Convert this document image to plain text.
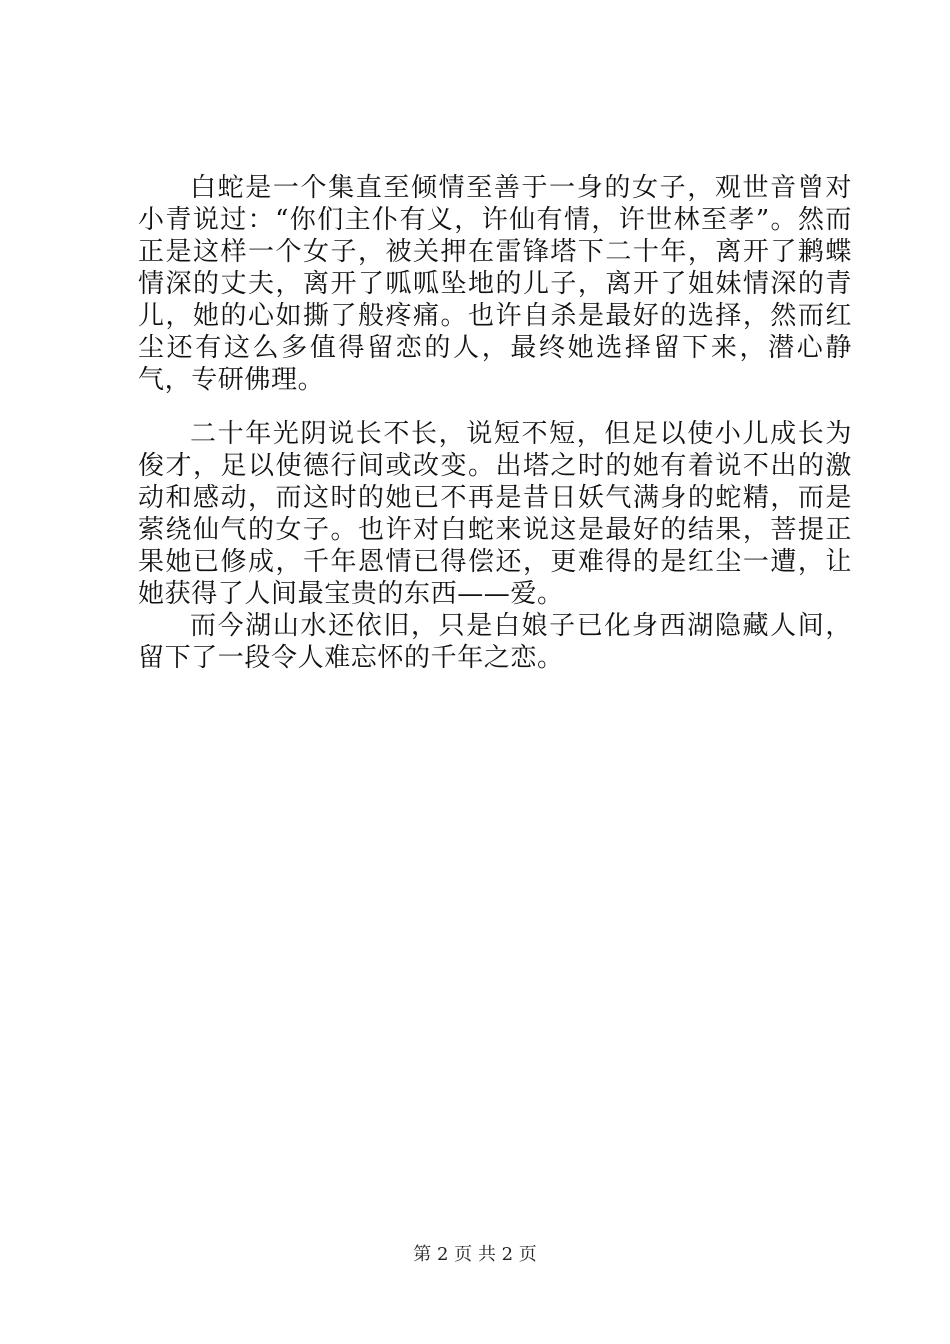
白蛇是一个集直至倾情至善于一身的女子，观世音曾对小青说过：“你们主仆有义，许仙有情，许世林至孝”。然而正是这样一个女子，被关押在雷锋塔下二十年，离开了鹣蝶情深的丈夫，离开了呱呱坠地的儿子，离开了姐妹情深的青儿，她的心如撕了般疼痛。也许自杀是最好的选择，然而红尘还有这么多值得留恋的人，最终她选择留下来，潜心静气，专研佛理。

二十年光阴说长不长，说短不短，但足以使小儿成长为俊才，足以使德行间或改变。出塔之时的她有着说不出的激动和感动，而这时的她已不再是昔日妖气满身的蛇精，而是萦绕仙气的女子。也许对白蛇来说这是最好的结果，菩提正果她已修成，千年恩情已得偿还，更难得的是红尘一遭，让她获得了人间最宝贵的东西——爱。

而今湖山水还依旧，只是白娘子已化身西湖隐藏人间，留下了一段令人难忘怀的千年之恋。

第 2 页 共 2 页
